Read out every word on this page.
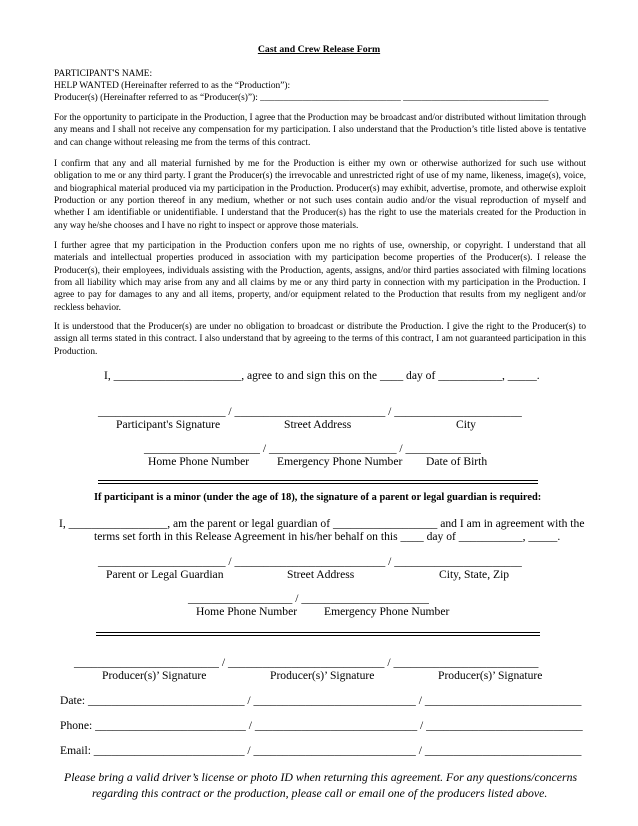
Cast and Crew Release Form
PARTICIPANT'S NAME:
HELP WANTED (Hereinafter referred to as the “Production”):
Producer(s) (Hereinafter referred to as “Producer(s)”): ______________________________ _______________________________
For the opportunity to participate in the Production, I agree that the Production may be broadcast and/or distributed without limitation through any means and I shall not receive any compensation for my participation. I also understand that the Production’s title listed above is tentative and can change without releasing me from the terms of this contract.
I confirm that any and all material furnished by me for the Production is either my own or otherwise authorized for such use without obligation to me or any third party. I grant the Producer(s) the irrevocable and unrestricted right of use of my name, likeness, image(s), voice, and biographical material produced via my participation in the Production. Producer(s) may exhibit, advertise, promote, and otherwise exploit Production or any portion thereof in any medium, whether or not such uses contain audio and/or the visual reproduction of myself and whether I am identifiable or unidentifiable. I understand that the Producer(s) has the right to use the materials created for the Production in any way he/she chooses and I have no right to inspect or approve those materials.
I further agree that my participation in the Production confers upon me no rights of use, ownership, or copyright. I understand that all materials and intellectual properties produced in association with my participation become properties of the Producer(s). I release the Producer(s), their employees, individuals assisting with the Production, agents, assigns, and/or third parties associated with filming locations from all liability which may arise from any and all claims by me or any third party in connection with my participation in the Production. I agree to pay for damages to any and all items, property, and/or equipment related to the Production that results from my negligent and/or reckless behavior.
It is understood that the Producer(s) are under no obligation to broadcast or distribute the Production. I give the right to the Producer(s) to assign all terms stated in this contract. I also understand that by agreeing to the terms of this contract, I am not guaranteed participation in this Production.
I, ______________________, agree to and sign this on the ____ day of ___________, _____.
______________________ / __________________________ / ______________________
Participant's Signature	Street Address	City
____________________ / ______________________ / _____________
Home Phone Number Emergency Phone Number Date of Birth
If participant is a minor (under the age of 18), the signature of a parent or legal guardian is required:
I, _________________, am the parent or legal guardian of __________________ and I am in agreement with the
terms set forth in this Release Agreement in his/her behalf on this ____ day of ___________, _____.
______________________ / __________________________ / ______________________
Parent or Legal Guardian	Street Address	City, State, Zip
__________________ / ______________________
Home Phone Number Emergency Phone Number
_________________________ / ___________________________ / _________________________
Producer(s)’ Signature	Producer(s)’ Signature	Producer(s)’ Signature
Date: ___________________________ / ____________________________ / ___________________________
Phone: __________________________ / ____________________________ / ___________________________
Email: __________________________ / ____________________________ / ___________________________
Please bring a valid driver’s license or photo ID when returning this agreement. For any questions/concerns
regarding this contract or the production, please call or email one of the producers listed above.
